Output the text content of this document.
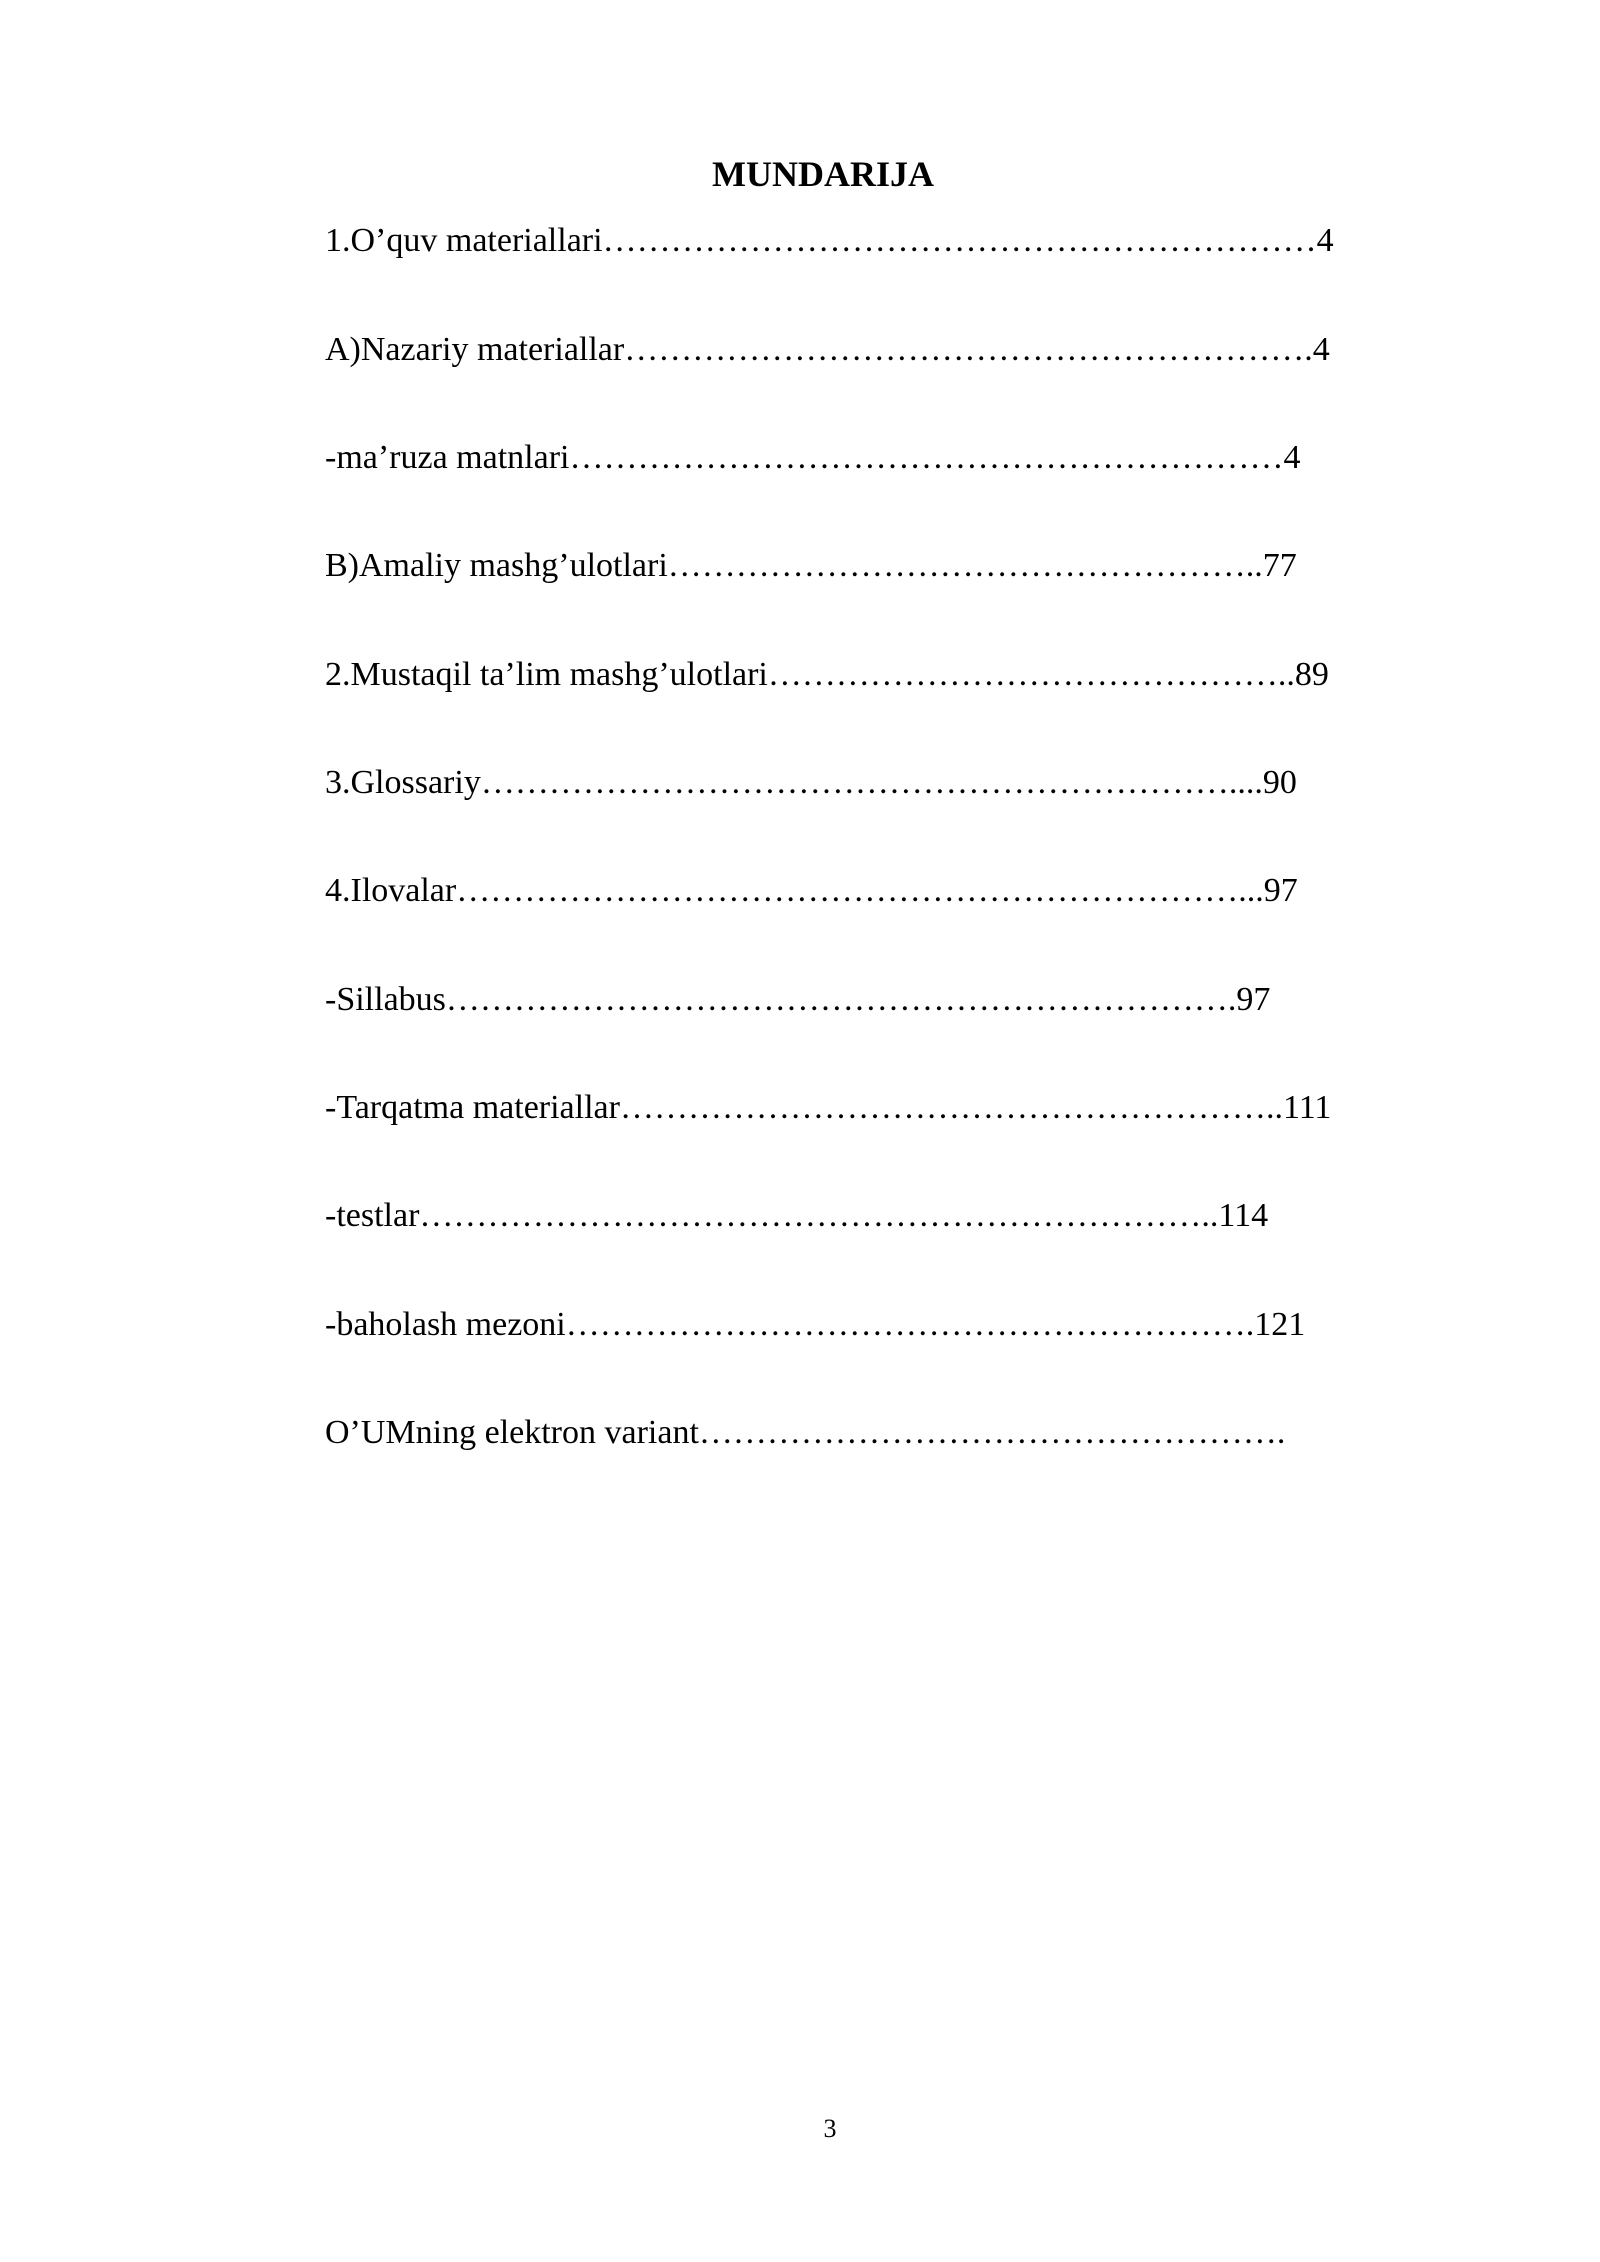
MUNDARIJA
1.O’quv materiallari………………………………………………………4
A)Nazariy materiallar…………………………………………………….4
-ma’ruza matnlari………………………………………………………4
B)Amaliy mashg’ulotlari……………………………………………..77
2.Mustaqil ta’lim mashg’ulotlari………………………………………..89
3.Glossariy…………………………………………………………....90
4.Ilovalar……………………………………………………………...97
-Sillabus…………………………………………………………….97
-Tarqatma materiallar…………………………………………………..111
-testlar……………………………………………………………..114
-baholash mezoni…………………………………………………….121
O’UMning elektron variant…………………………………………….
3
